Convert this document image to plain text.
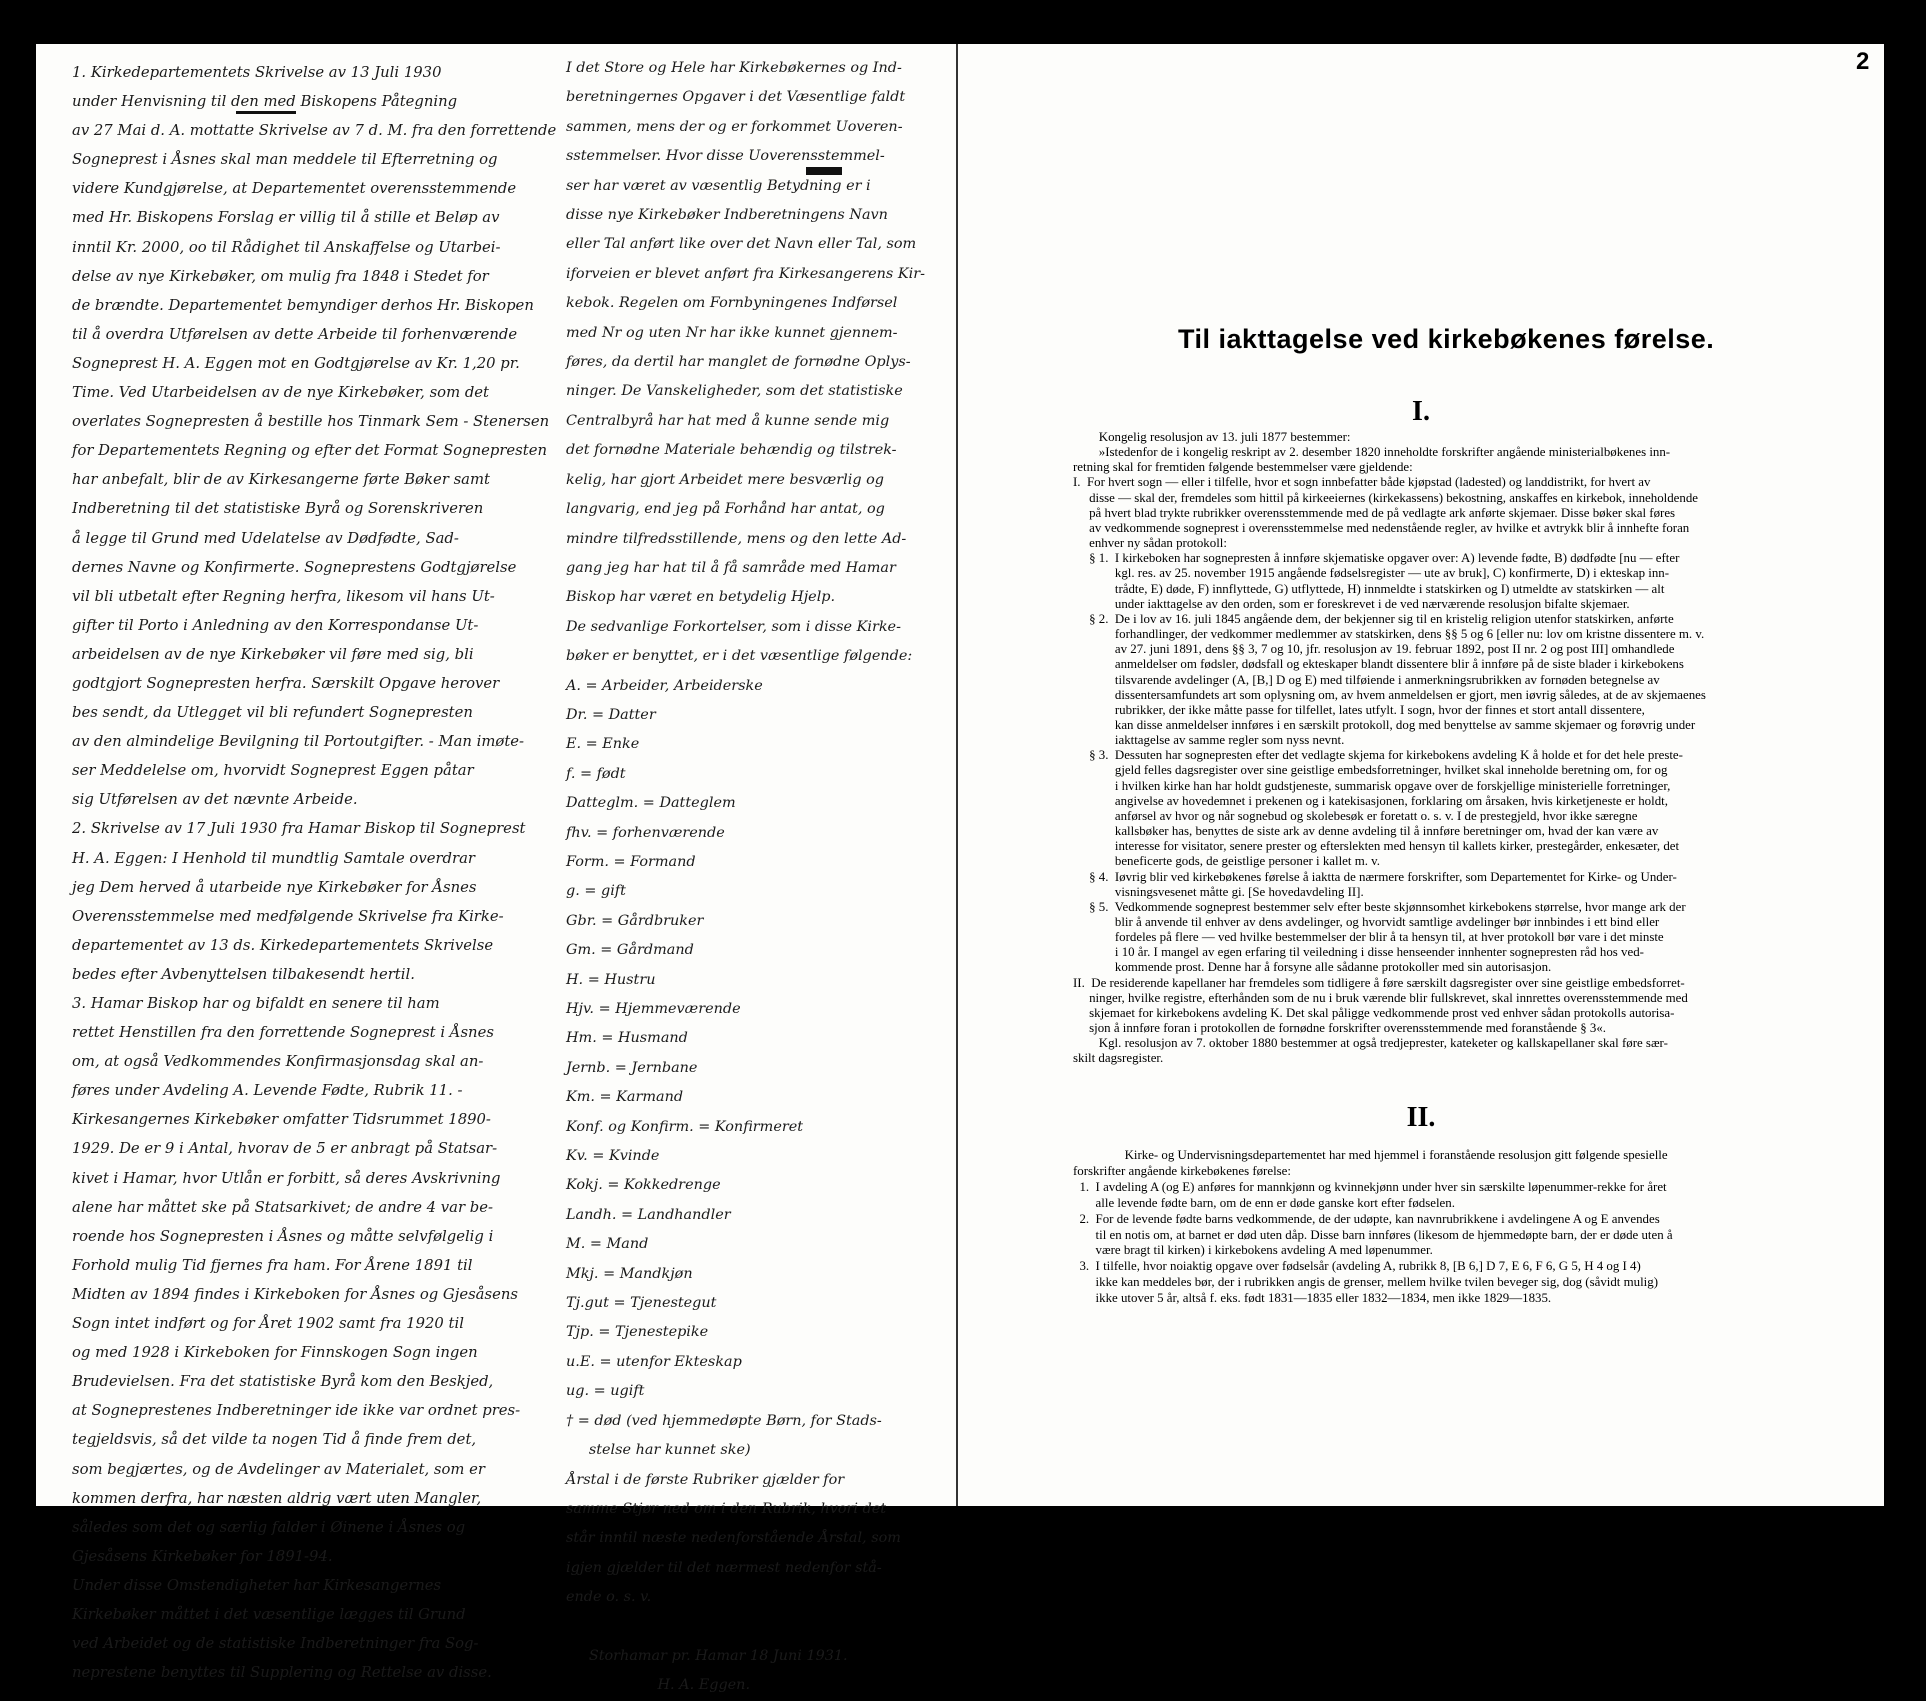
1. Kirkedepartementets Skrivelse av 13 Juli 1930
under Henvisning til den med Biskopens Påtegning
av 27 Mai d. A. mottatte Skrivelse av 7 d. M. fra den forrettende
Sogneprest i Åsnes skal man meddele til Efterretning og
videre Kundgjørelse, at Departementet overensstemmende
med Hr. Biskopens Forslag er villig til å stille et Beløp av
inntil Kr. 2000, oo til Rådighet til Anskaffelse og Utarbei-
delse av nye Kirkebøker, om mulig fra 1848 i Stedet for
de brændte. Departementet bemyndiger derhos Hr. Biskopen
til å overdra Utførelsen av dette Arbeide til forhenværende
Sogneprest H. A. Eggen mot en Godtgjørelse av Kr. 1,20 pr.
Time. Ved Utarbeidelsen av de nye Kirkebøker, som det
overlates Sognepresten å bestille hos Tinmark Sem - Stenersen
for Departementets Regning og efter det Format Sognepresten
har anbefalt, blir de av Kirkesangerne førte Bøker samt
Indberetning til det statistiske Byrå og Sorenskriveren
å legge til Grund med Udelatelse av Dødfødte, Sad-
dernes Navne og Konfirmerte. Sogneprestens Godtgjørelse
vil bli utbetalt efter Regning herfra, likesom vil hans Ut-
gifter til Porto i Anledning av den Korrespondanse Ut-
arbeidelsen av de nye Kirkebøker vil føre med sig, bli
godtgjort Sognepresten herfra. Særskilt Opgave herover
bes sendt, da Utlegget vil bli refundert Sognepresten
av den almindelige Bevilgning til Portoutgifter. - Man imøte-
ser Meddelelse om, hvorvidt Sogneprest Eggen påtar
sig Utførelsen av det nævnte Arbeide.
2. Skrivelse av 17 Juli 1930 fra Hamar Biskop til Sogneprest
H. A. Eggen: I Henhold til mundtlig Samtale overdrar
jeg Dem herved å utarbeide nye Kirkebøker for Åsnes
Overensstemmelse med medfølgende Skrivelse fra Kirke-
departementet av 13 ds. Kirkedepartementets Skrivelse
bedes efter Avbenyttelsen tilbakesendt hertil.
3. Hamar Biskop har og bifaldt en senere til ham
rettet Henstillen fra den forrettende Sogneprest i Åsnes
om, at også Vedkommendes Konfirmasjonsdag skal an-
føres under Avdeling A. Levende Fødte, Rubrik 11. -
Kirkesangernes Kirkebøker omfatter Tidsrummet 1890-
1929. De er 9 i Antal, hvorav de 5 er anbragt på Statsar-
kivet i Hamar, hvor Utlån er forbitt, så deres Avskrivning
alene har måttet ske på Statsarkivet; de andre 4 var be-
roende hos Sognepresten i Åsnes og måtte selvfølgelig i
Forhold mulig Tid fjernes fra ham. For Årene 1891 til
Midten av 1894 findes i Kirkeboken for Åsnes og Gjesåsens
Sogn intet indført og for Året 1902 samt fra 1920 til
og med 1928 i Kirkeboken for Finnskogen Sogn ingen
Brudevielsen. Fra det statistiske Byrå kom den Beskjed,
at Sogneprestenes Indberetninger ide ikke var ordnet pres-
tegjeldsvis, så det vilde ta nogen Tid å finde frem det,
som begjærtes, og de Avdelinger av Materialet, som er
kommen derfra, har næsten aldrig vært uten Mangler,
således som det og særlig falder i Øinene i Åsnes og
Gjesåsens Kirkebøker for 1891-94.
Under disse Omstendigheter har Kirkesangernes
Kirkebøker måttet i det væsentlige lægges til Grund
ved Arbeidet og de statistiske Indberetninger fra Sog-
neprestene benyttes til Supplering og Rettelse av disse.
I det Store og Hele har Kirkebøkernes og Ind-
beretningernes Opgaver i det Væsentlige faldt
sammen, mens der og er forkommet Uoveren-
sstemmelser. Hvor disse Uoverensstemmel-
ser har været av væsentlig Betydning er i
disse nye Kirkebøker Indberetningens Navn
eller Tal anført like over det Navn eller Tal, som
iforveien er blevet anført fra Kirkesangerens Kir-
kebok. Regelen om Fornbyningenes Indførsel
med Nr og uten Nr har ikke kunnet gjennem-
føres, da dertil har manglet de fornødne Oplys-
ninger. De Vanskeligheder, som det statistiske
Centralbyrå har hat med å kunne sende mig
det fornødne Materiale behændig og tilstrek-
kelig, har gjort Arbeidet mere besværlig og
langvarig, end jeg på Forhånd har antat, og
mindre tilfredsstillende, mens og den lette Ad-
gang jeg har hat til å få samråde med Hamar
Biskop har været en betydelig Hjelp.
De sedvanlige Forkortelser, som i disse Kirke-
bøker er benyttet, er i det væsentlige følgende:
A. = Arbeider, Arbeiderske
Dr. = Datter
E. = Enke
f. = født
Datteglm. = Datteglem
fhv. = forhenværende
Form. = Formand
g. = gift
Gbr. = Gårdbruker
Gm. = Gårdmand
H. = Hustru
Hjv. = Hjemmeværende
Hm. = Husmand
Jernb. = Jernbane
Km. = Karmand
Konf. og Konfirm. = Konfirmeret
Kv. = Kvinde
Kokj. = Kokkedrenge
Landh. = Landhandler
M. = Mand
Mkj. = Mandkjøn
Tj.gut = Tjenestegut
Tjp. = Tjenestepike
u.E. = utenfor Ekteskap
ug. = ugift
† = død (ved hjemmedøpte Børn, for Stads-
stelse har kunnet ske)
Årstal i de første Rubriker gjælder for
samme Stjør ned om i den Rubrik, hvori det
står inntil næste nedenforstående Årstal, som
igjen gjælder til det nærmest nedenfor stå-
ende o. s. v.

Storhamar pr. Hamar 18 Juni 1931.
H. A. Eggen.
2
Til iakttagelse ved kirkebøkenes førelse.
I.
Kongelig resolusjon av 13. juli 1877 bestemmer:
»Istedenfor de i kongelig reskript av 2. desember 1820 inneholdte forskrifter angående ministerialbøkenes inn-
retning skal for fremtiden følgende bestemmelser være gjeldende:
I.  For hvert sogn — eller i tilfelle, hvor et sogn innbefatter både kjøpstad (ladested) og landdistrikt, for hvert av
disse — skal der, fremdeles som hittil på kirkeeiernes (kirkekassens) bekostning, anskaffes en kirkebok, inneholdende
på hvert blad trykte rubrikker overensstemmende med de på vedlagte ark anførte skjemaer. Disse bøker skal føres
av vedkommende sogneprest i overensstemmelse med nedenstående regler, av hvilke et avtrykk blir å innhefte foran
enhver ny sådan protokoll:
§ 1.  I kirkeboken har sognepresten å innføre skjematiske opgaver over: A) levende fødte, B) dødfødte [nu — efter
kgl. res. av 25. november 1915 angående fødselsregister — ute av bruk], C) konfirmerte, D) i ekteskap inn-
trådte, E) døde, F) innflyttede, G) utflyttede, H) innmeldte i statskirken og I) utmeldte av statskirken — alt
under iakttagelse av den orden, som er foreskrevet i de ved nærværende resolusjon bifalte skjemaer.
§ 2.  De i lov av 16. juli 1845 angående dem, der bekjenner sig til en kristelig religion utenfor statskirken, anførte
forhandlinger, der vedkommer medlemmer av statskirken, dens §§ 5 og 6 [eller nu: lov om kristne dissentere m. v.
av 27. juni 1891, dens §§ 3, 7 og 10, jfr. resolusjon av 19. februar 1892, post II nr. 2 og post III] omhandlede
anmeldelser om fødsler, dødsfall og ekteskaper blandt dissentere blir å innføre på de siste blader i kirkebokens
tilsvarende avdelinger (A, [B,] D og E) med tilføiende i anmerkningsrubrikken av fornøden betegnelse av
dissentersamfundets art som oplysning om, av hvem anmeldelsen er gjort, men iøvrig således, at de av skjemaenes
rubrikker, der ikke måtte passe for tilfellet, lates utfylt. I sogn, hvor der finnes et stort antall dissentere,
kan disse anmeldelser innføres i en særskilt protokoll, dog med benyttelse av samme skjemaer og forøvrig under
iakttagelse av samme regler som nyss nevnt.
§ 3.  Dessuten har sognepresten efter det vedlagte skjema for kirkebokens avdeling K å holde et for det hele preste-
gjeld felles dagsregister over sine geistlige embedsforretninger, hvilket skal inneholde beretning om, for og
i hvilken kirke han har holdt gudstjeneste, summarisk opgave over de forskjellige ministerielle forretninger,
angivelse av hovedemnet i prekenen og i katekisasjonen, forklaring om årsaken, hvis kirketjeneste er holdt,
anførsel av hvor og når sognebud og skolebesøk er foretatt o. s. v. I de prestegjeld, hvor ikke særegne
kallsbøker has, benyttes de siste ark av denne avdeling til å innføre beretninger om, hvad der kan være av
interesse for visitator, senere prester og efterslekten med hensyn til kallets kirker, prestegårder, enkesæter, det
beneficerte gods, de geistlige personer i kallet m. v.
§ 4.  Iøvrig blir ved kirkebøkenes førelse å iaktta de nærmere forskrifter, som Departementet for Kirke- og Under-
visningsvesenet måtte gi. [Se hovedavdeling II].
§ 5.  Vedkommende sogneprest bestemmer selv efter beste skjønnsomhet kirkebokens størrelse, hvor mange ark der
blir å anvende til enhver av dens avdelinger, og hvorvidt samtlige avdelinger bør innbindes i ett bind eller
fordeles på flere — ved hvilke bestemmelser der blir å ta hensyn til, at hver protokoll bør vare i det minste
i 10 år. I mangel av egen erfaring til veiledning i disse henseender innhenter sognepresten råd hos ved-
kommende prost. Denne har å forsyne alle sådanne protokoller med sin autorisasjon.
II.  De residerende kapellaner har fremdeles som tidligere å føre særskilt dagsregister over sine geistlige embedsforret-
ninger, hvilke registre, efterhånden som de nu i bruk værende blir fullskrevet, skal innrettes overensstemmende med
skjemaet for kirkebokens avdeling K. Det skal påligge vedkommende prost ved enhver sådan protokolls autorisa-
sjon å innføre foran i protokollen de fornødne forskrifter overensstemmende med foranstående § 3«.
Kgl. resolusjon av 7. oktober 1880 bestemmer at også tredjeprester, kateketer og kallskapellaner skal føre sær-
skilt dagsregister.
II.
Kirke- og Undervisningsdepartementet har med hjemmel i foranstående resolusjon gitt følgende spesielle
forskrifter angående kirkebøkenes førelse:
1.  I avdeling A (og E) anføres for mannkjønn og kvinnekjønn under hver sin særskilte løpenummer-rekke for året
alle levende fødte barn, om de enn er døde ganske kort efter fødselen.
2.  For de levende fødte barns vedkommende, de der udøpte, kan navnrubrikkene i avdelingene A og E anvendes
til en notis om, at barnet er død uten dåp. Disse barn innføres (likesom de hjemmedøpte barn, der er døde uten å
være bragt til kirken) i kirkebokens avdeling A med løpenummer.
3.  I tilfelle, hvor noiaktig opgave over fødselsår (avdeling A, rubrikk 8, [B 6,] D 7, E 6, F 6, G 5, H 4 og I 4)
ikke kan meddeles bør, der i rubrikken angis de grenser, mellem hvilke tvilen beveger sig, dog (såvidt mulig)
ikke utover 5 år, altså f. eks. født 1831—1835 eller 1832—1834, men ikke 1829—1835.
